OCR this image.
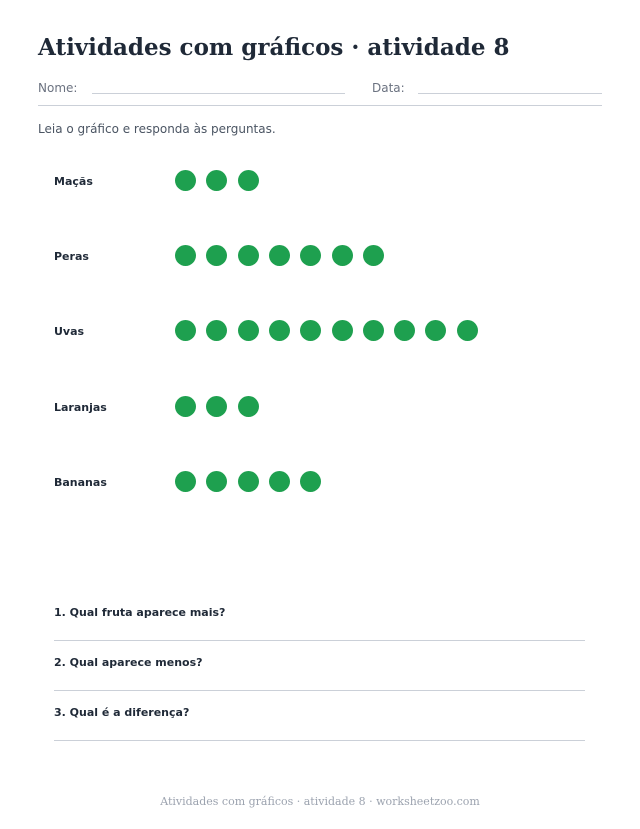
Atividades com gráficos · atividade 8
Nome:	Data:
Leia o gráfico e responda às perguntas.
Maçãs
Peras
Uvas
Laranjas
Bananas
1. Qual fruta aparece mais?
2. Qual aparece menos?
3. Qual é a diferença?
Atividades com gráficos · atividade 8 · worksheetzoo.com
